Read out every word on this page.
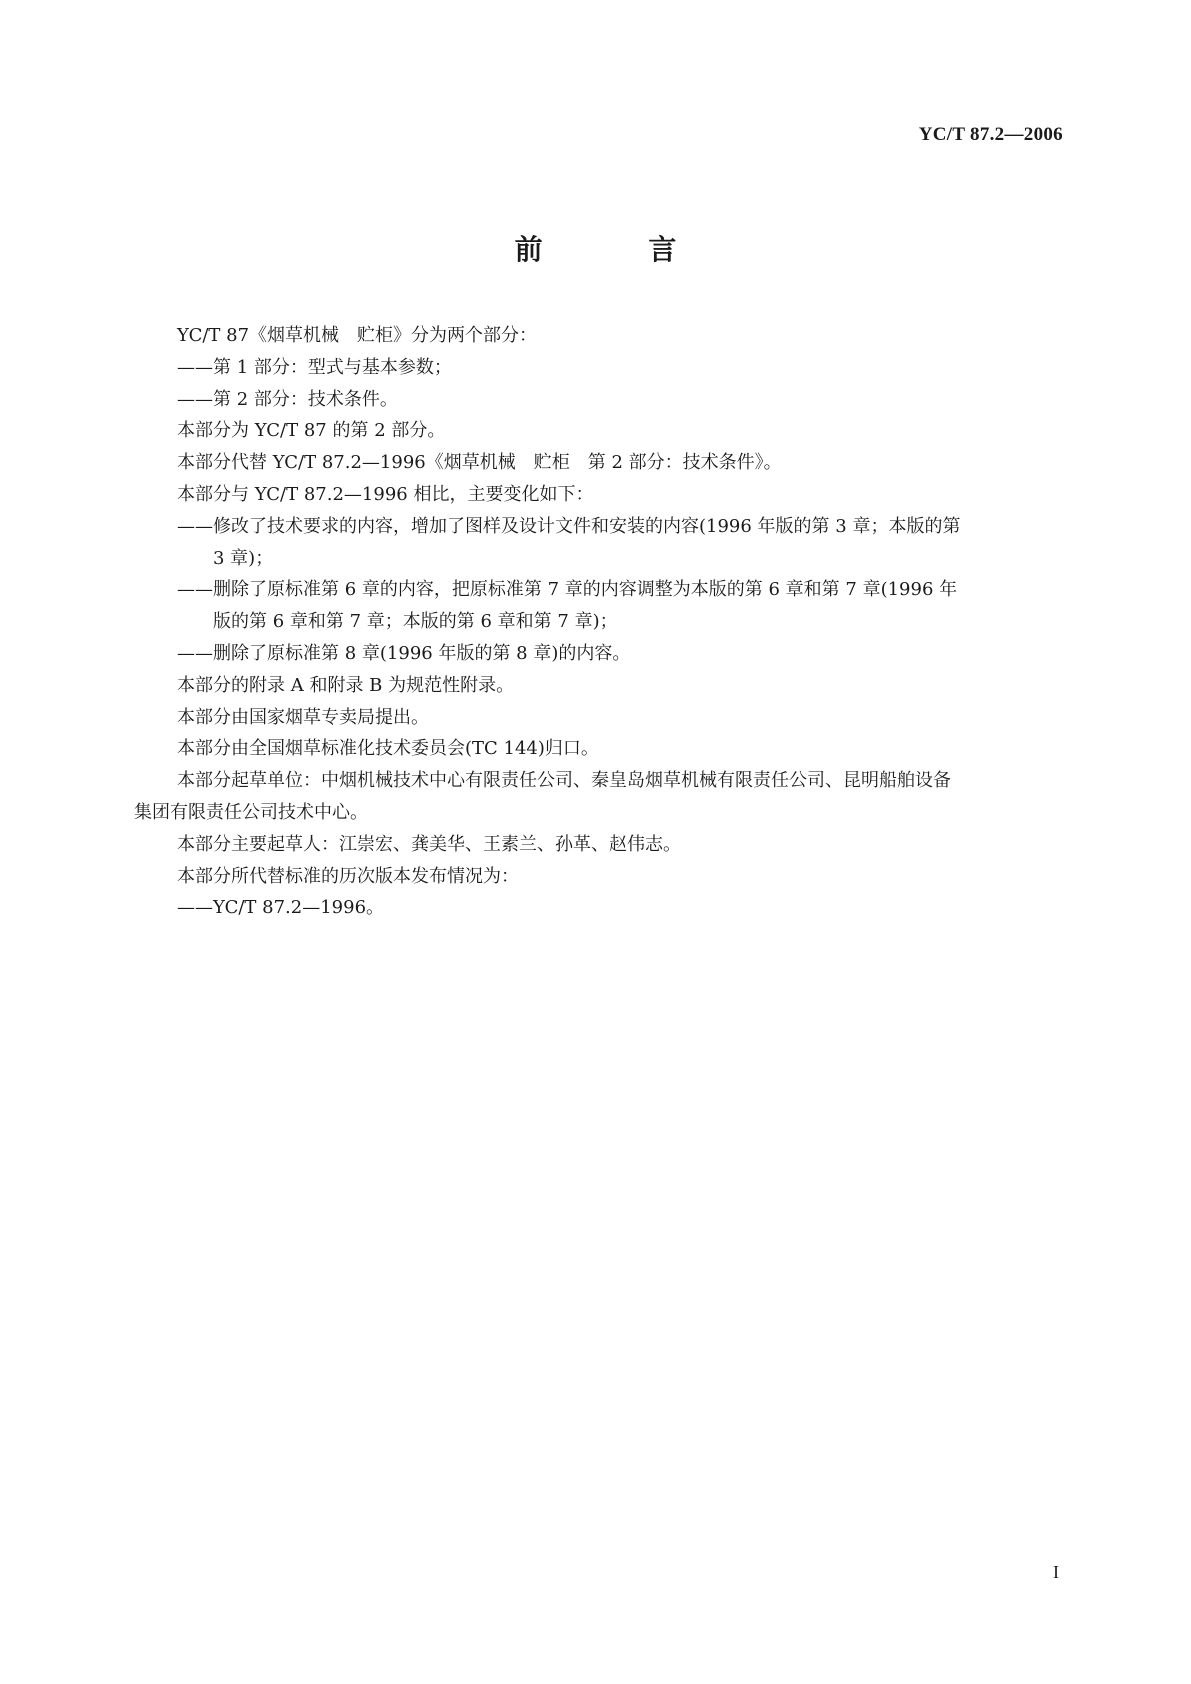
YC/T 87.2—2006
前 言

YC/T 87《烟草机械　贮柜》分为两个部分：

——第 1 部分：型式与基本参数；

——第 2 部分：技术条件。

本部分为 YC/T 87 的第 2 部分。

本部分代替 YC/T 87.2—1996《烟草机械　贮柜　第 2 部分：技术条件》。

本部分与 YC/T 87.2—1996 相比，主要变化如下：

——修改了技术要求的内容，增加了图样及设计文件和安装的内容(1996 年版的第 3 章；本版的第
3 章)；
——删除了原标准第 6 章的内容，把原标准第 7 章的内容调整为本版的第 6 章和第 7 章(1996 年
版的第 6 章和第 7 章；本版的第 6 章和第 7 章)；

——删除了原标准第 8 章(1996 年版的第 8 章)的内容。

本部分的附录 A 和附录 B 为规范性附录。

本部分由国家烟草专卖局提出。

本部分由全国烟草标准化技术委员会(TC 144)归口。

本部分起草单位：中烟机械技术中心有限责任公司、秦皇岛烟草机械有限责任公司、昆明船舶设备
集团有限责任公司技术中心。

本部分主要起草人：江崇宏、龚美华、王素兰、孙革、赵伟志。

本部分所代替标准的历次版本发布情况为：

——YC/T 87.2—1996。

I
